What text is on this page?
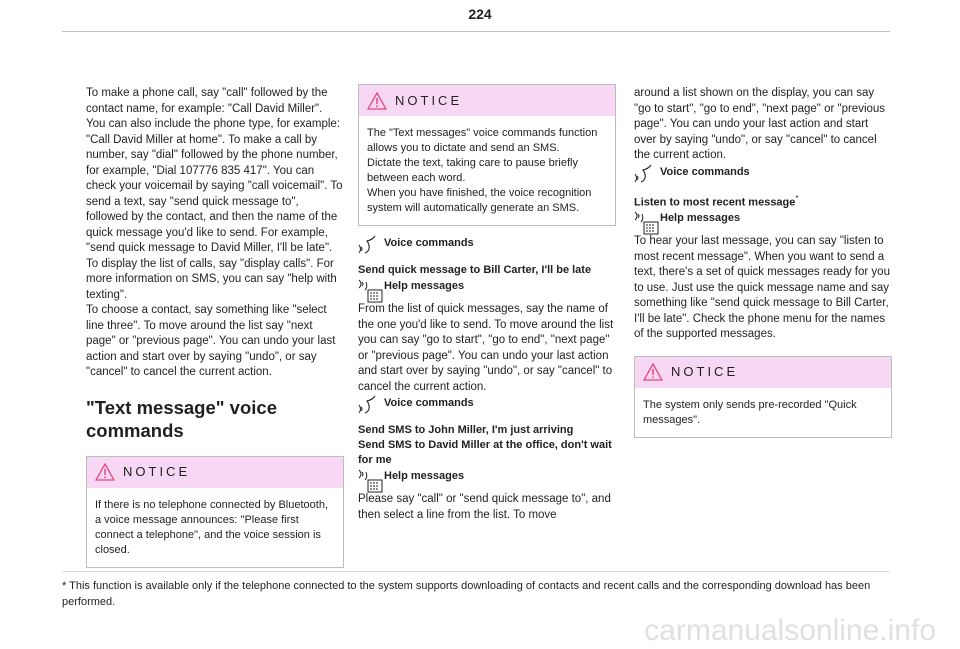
224

To make a phone call, say "call" followed by the contact name, for example: "Call David Miller". You can also include the phone type, for example: "Call David Miller at home". To make a call by number, say "dial" followed by the phone number, for example, "Dial 107776 835 417". You can check your voicemail by saying "call voicemail". To send a text, say "send quick message to", followed by the contact, and then the name of the quick message you'd like to send. For example, "send quick message to David Miller, I'll be late". To display the list of calls, say "display calls". For more information on SMS, you can say "help with texting".

To choose a contact, say something like "select line three". To move around the list say "next page" or "previous page". You can undo your last action and start over by saying "undo", or say "cancel" to cancel the current action.

"Text message" voice commands
NOTICE
If there is no telephone connected by Bluetooth, a voice message announces: "Please first connect a telephone", and the voice session is closed.
NOTICE

The "Text messages" voice commands function allows you to dictate and send an SMS.

Dictate the text, taking care to pause briefly between each word.

When you have finished, the voice recognition system will automatically generate an SMS.

Voice commands
Send quick message to Bill Carter, I'll be late
Help messages

From the list of quick messages, say the name of the one you'd like to send. To move around the list you can say "go to start", "go to end", "next page" or "previous page". You can undo your last action and start over by saying "undo", or say "cancel" to cancel the current action.

Voice commands
Send SMS to John Miller, I'm just arriving
Send SMS to David Miller at the office, don't wait for me
Help messages

Please say "call" or "send quick message to", and then select a line from the list. To move

around a list shown on the display, you can say "go to start", "go to end", "next page" or "previous page". You can undo your last action and start over by saying "undo", or say "cancel" to cancel the current action.

Voice commands
Listen to most recent message*
Help messages

To hear your last message, you can say "listen to most recent message". When you want to send a text, there's a set of quick messages ready for you to use. Just use the quick message name and say something like "send quick message to Bill Carter, I'll be late". Check the phone menu for the names of the supported messages.

NOTICE
The system only sends pre-recorded "Quick messages".
* This function is available only if the telephone connected to the system supports downloading of contacts and recent calls and the corresponding download has been performed.
carmanualsonline.info
